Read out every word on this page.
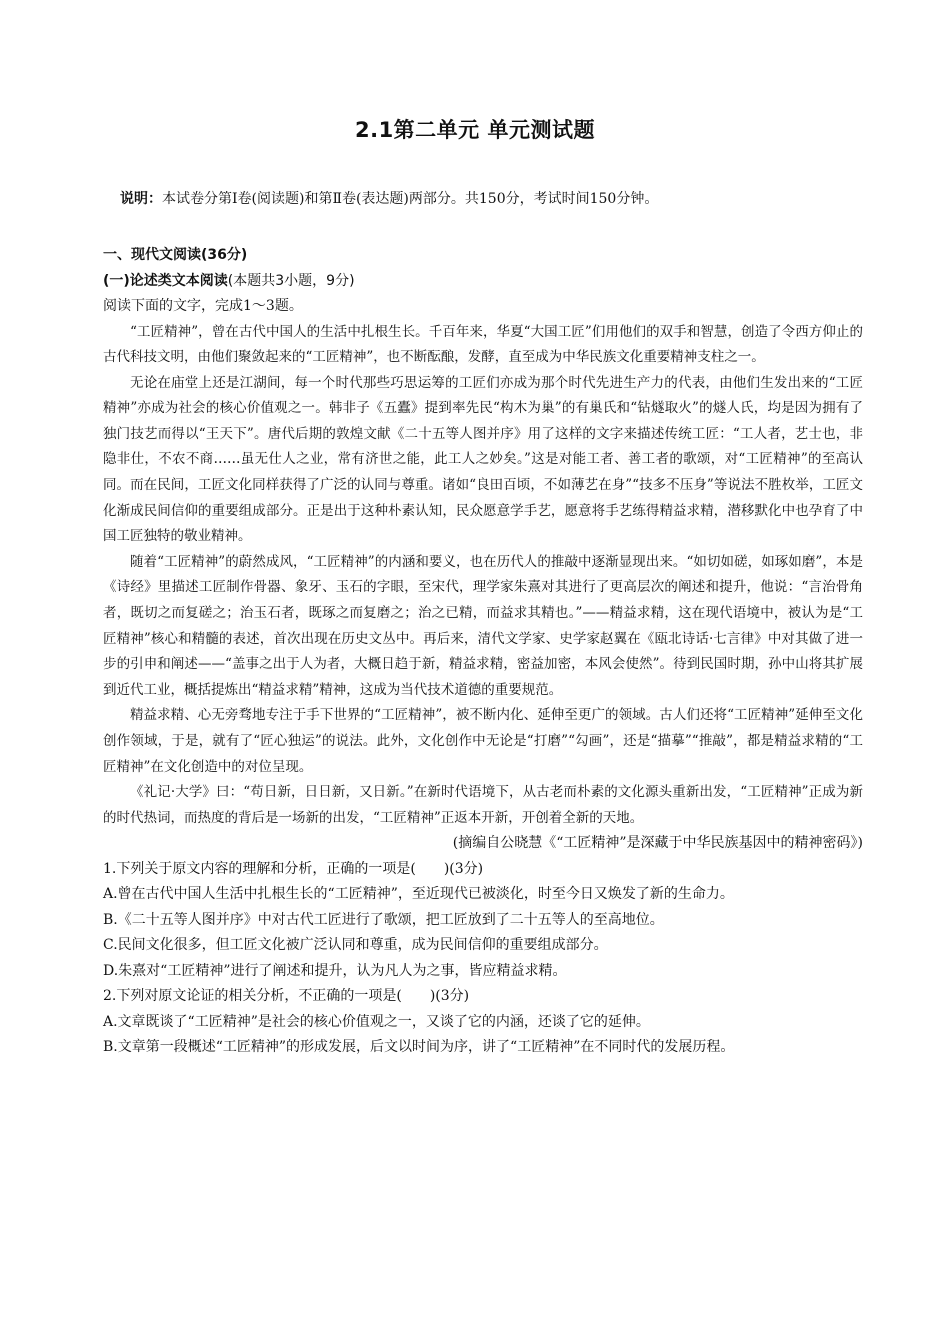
2.1第二单元 单元测试题
说明：本试卷分第Ⅰ卷(阅读题)和第Ⅱ卷(表达题)两部分。共150分，考试时间150分钟。

一、现代文阅读(36分)

(一)论述类文本阅读(本题共3小题，9分)

阅读下面的文字，完成1～3题。

“工匠精神”，曾在古代中国人的生活中扎根生长。千百年来，华夏“大国工匠”们用他们的双手和智慧，创造了令西方仰止的古代科技文明，由他们聚敛起来的“工匠精神”，也不断酝酿，发酵，直至成为中华民族文化重要精神支柱之一。

无论在庙堂上还是江湖间，每一个时代那些巧思运筹的工匠们亦成为那个时代先进生产力的代表，由他们生发出来的“工匠精神”亦成为社会的核心价值观之一。韩非子《五蠹》提到率先民“构木为巢”的有巢氏和“钻燧取火”的燧人氏，均是因为拥有了独门技艺而得以“王天下”。唐代后期的敦煌文献《二十五等人图并序》用了这样的文字来描述传统工匠：“工人者，艺士也，非隐非仕，不农不商……虽无仕人之业，常有济世之能，此工人之妙矣。”这是对能工者、善工者的歌颂，对“工匠精神”的至高认同。而在民间，工匠文化同样获得了广泛的认同与尊重。诸如“良田百顷，不如薄艺在身”“技多不压身”等说法不胜枚举，工匠文化渐成民间信仰的重要组成部分。正是出于这种朴素认知，民众愿意学手艺，愿意将手艺练得精益求精，潜移默化中也孕育了中国工匠独特的敬业精神。

随着“工匠精神”的蔚然成风，“工匠精神”的内涵和要义，也在历代人的推敲中逐渐显现出来。“如切如磋，如琢如磨”，本是《诗经》里描述工匠制作骨器、象牙、玉石的字眼，至宋代，理学家朱熹对其进行了更高层次的阐述和提升，他说：“言治骨角者，既切之而复磋之；治玉石者，既琢之而复磨之；治之已精，而益求其精也。”——精益求精，这在现代语境中，被认为是“工匠精神”核心和精髓的表述，首次出现在历史文丛中。再后来，清代文学家、史学家赵翼在《瓯北诗话·七言律》中对其做了进一步的引申和阐述——“盖事之出于人为者，大概日趋于新，精益求精，密益加密，本风会使然”。待到民国时期，孙中山将其扩展到近代工业，概括提炼出“精益求精”精神，这成为当代技术道德的重要规范。

精益求精、心无旁骛地专注于手下世界的“工匠精神”，被不断内化、延伸至更广的领域。古人们还将“工匠精神”延伸至文化创作领域，于是，就有了“匠心独运”的说法。此外，文化创作中无论是“打磨”“勾画”，还是“描摹”“推敲”，都是精益求精的“工匠精神”在文化创造中的对位呈现。

《礼记·大学》曰：“苟日新，日日新，又日新。”在新时代语境下，从古老而朴素的文化源头重新出发，“工匠精神”正成为新的时代热词，而热度的背后是一场新的出发，“工匠精神”正返本开新，开创着全新的天地。

(摘编自公晓慧《“工匠精神”是深藏于中华民族基因中的精神密码》)

1.下列关于原文内容的理解和分析，正确的一项是(　　)(3分)

A.曾在古代中国人生活中扎根生长的“工匠精神”，至近现代已被淡化，时至今日又焕发了新的生命力。

B.《二十五等人图并序》中对古代工匠进行了歌颂，把工匠放到了二十五等人的至高地位。

C.民间文化很多，但工匠文化被广泛认同和尊重，成为民间信仰的重要组成部分。

D.朱熹对“工匠精神”进行了阐述和提升，认为凡人为之事，皆应精益求精。

2.下列对原文论证的相关分析，不正确的一项是(　　)(3分)

A.文章既谈了“工匠精神”是社会的核心价值观之一，又谈了它的内涵，还谈了它的延伸。

B.文章第一段概述“工匠精神”的形成发展，后文以时间为序，讲了“工匠精神”在不同时代的发展历程。
